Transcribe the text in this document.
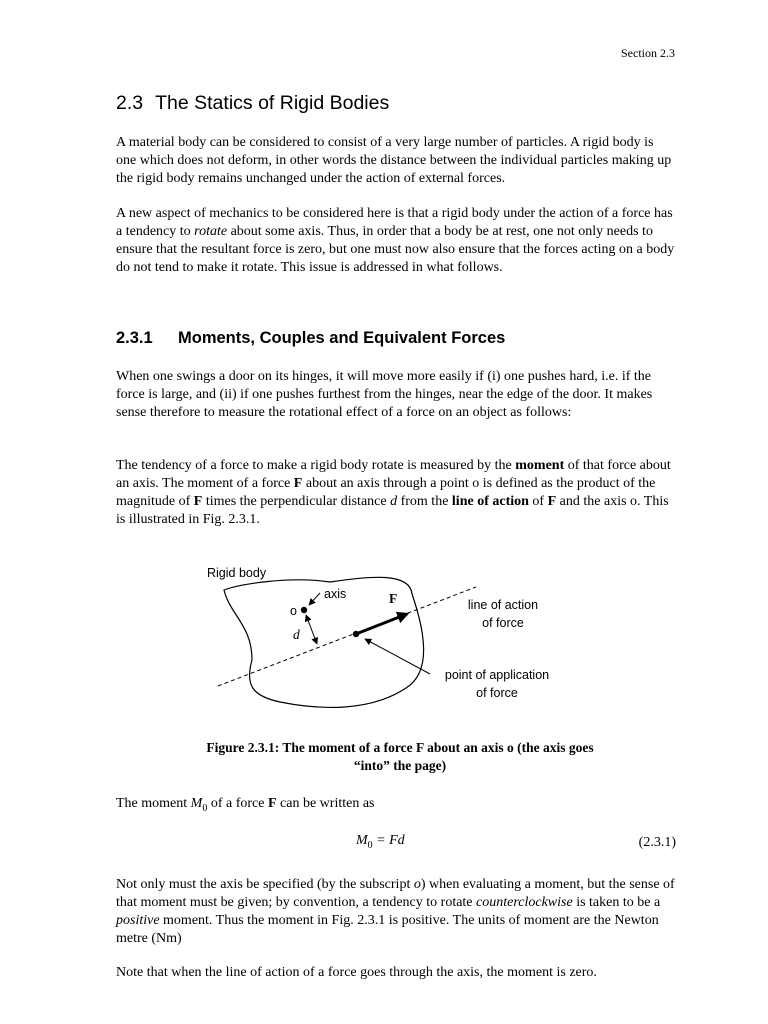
Section 2.3
2.3 The Statics of Rigid Bodies

A material body can be considered to consist of a very large number of particles. A rigid body is one which does not deform, in other words the distance between the individual particles making up the rigid body remains unchanged under the action of external forces.

A new aspect of mechanics to be considered here is that a rigid body under the action of a force has a tendency to rotate about some axis. Thus, in order that a body be at rest, one not only needs to ensure that the resultant force is zero, but one must now also ensure that the forces acting on a body do not tend to make it rotate. This issue is addressed in what follows.

2.3.1 Moments, Couples and Equivalent Forces

When one swings a door on its hinges, it will move more easily if (i) one pushes hard, i.e. if the force is large, and (ii) if one pushes furthest from the hinges, near the edge of the door. It makes sense therefore to measure the rotational effect of a force on an object as follows:

The tendency of a force to make a rigid body rotate is measured by the moment of that force about an axis. The moment of a force F about an axis through a point o is defined as the product of the magnitude of F times the perpendicular distance d from the line of action of F and the axis o. This is illustrated in Fig. 2.3.1.

Rigid body
axis
o
d
F	line of action
of force
point of application
of force
Figure 2.3.1: The moment of a force F about an axis o (the axis goes
“into” the page)

The moment $M_0$ of a force F can be written as

$M_0 = Fd$	(2.3.1)

Not only must the axis be specified (by the subscript o) when evaluating a moment, but the sense of that moment must be given; by convention, a tendency to rotate counterclockwise is taken to be a positive moment. Thus the moment in Fig. 2.3.1 is positive. The units of moment are the Newton metre (Nm)

Note that when the line of action of a force goes through the axis, the moment is zero.
